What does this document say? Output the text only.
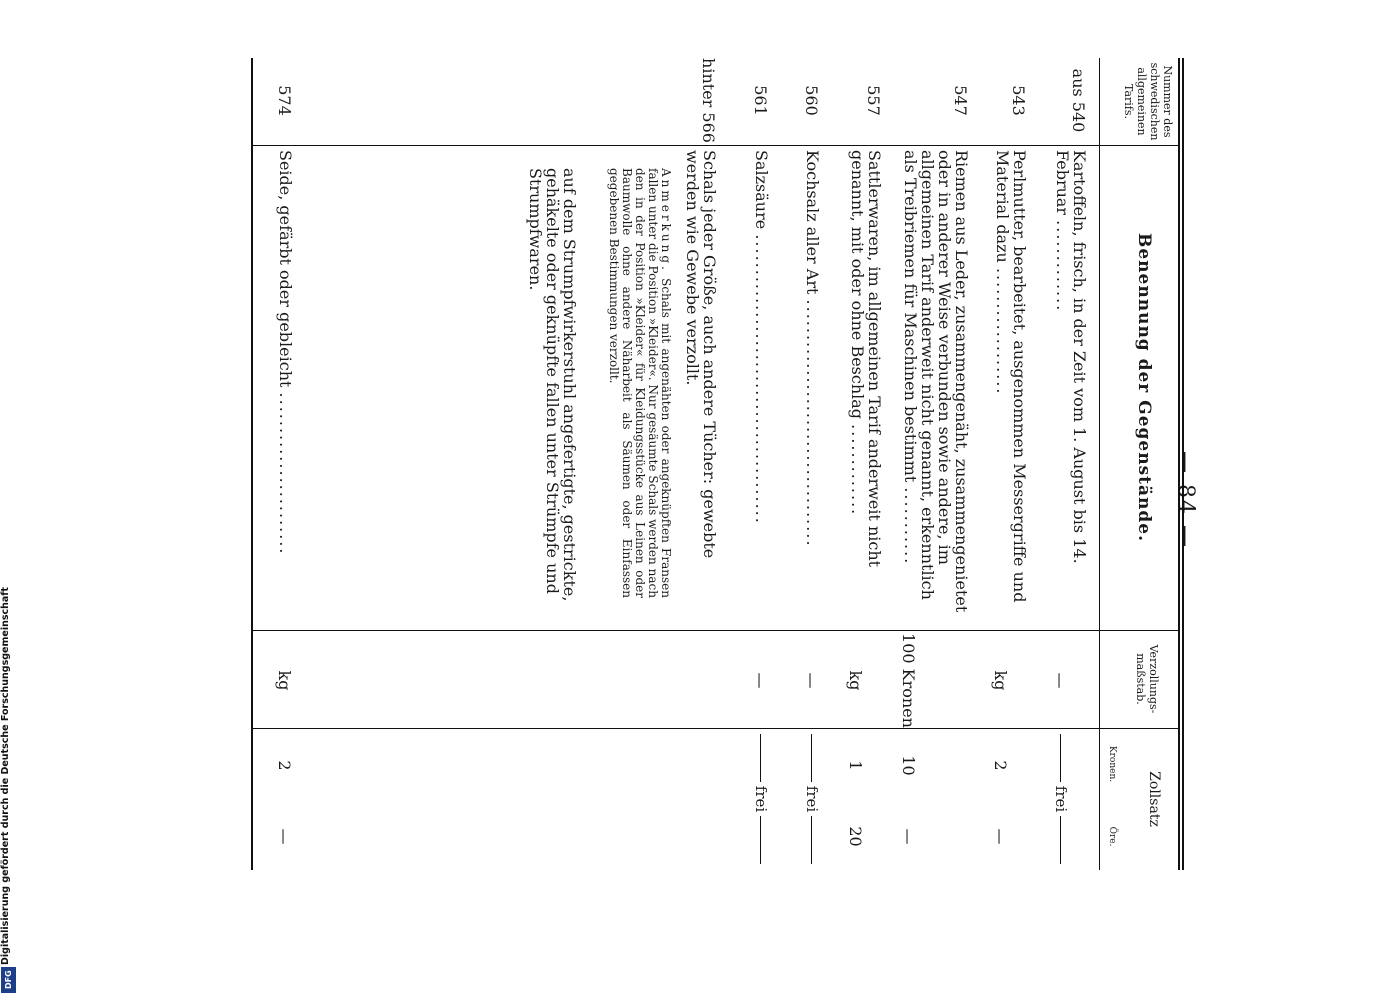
— 84 —
Nummer des schwedischen allgemeinen Tarifs.
Benennung der Gegenstände.
Verzollungs-maßstab.
Zollsatz
Kronen.
Öre.
aus 540
Kartoffeln, frisch, in der Zeit vom 1. August bis 14. Februar .............
—
frei
543
Perlmutter, bearbeitet, ausgenommen Messergriffe und Material dazu ..................
kg
2
—
547
Riemen aus Leder, zusammengenäht, zusammengenietet oder in anderer Weise verbunden sowie andere, im allgemeinen Tarif anderweit nicht genannt, erkenntlich als Treibriemen für Maschinen bestimmt ...........
100 Kronen
10
—
557
Sattlerwaren, im allgemeinen Tarif anderweit nicht genannt, mit oder ohne Beschlag .............
kg
1
20
560
Kochsalz aller Art ...................................
—
frei
561
Salzsäure .........................................
—
frei
hinter 566
Schals jeder Größe, auch andere Tücher: gewebte werden wie Gewebe verzollt.
Anmerkung. Schals mit angenähten oder angeknüpften Fransen fallen unter die Position »Kleider«. Nur gesäumte Schals werden nach den in der Position »Kleider« für Kleidungsstücke aus Leinen oder Baumwolle ohne andere Näharbeit als Säumen oder Einfassen gegebenen Bestimmungen verzollt.
auf dem Strumpfwirkerstuhl angefertigte, gestrickte, gehäkelte oder geknüpfte fallen unter Strümpfe und Strumpfwaren.
574
Seide, gefärbt oder gebleicht .......................
kg
2
—
Digitalisierung gefördert durch die Deutsche Forschungsgemeinschaft
DFG
